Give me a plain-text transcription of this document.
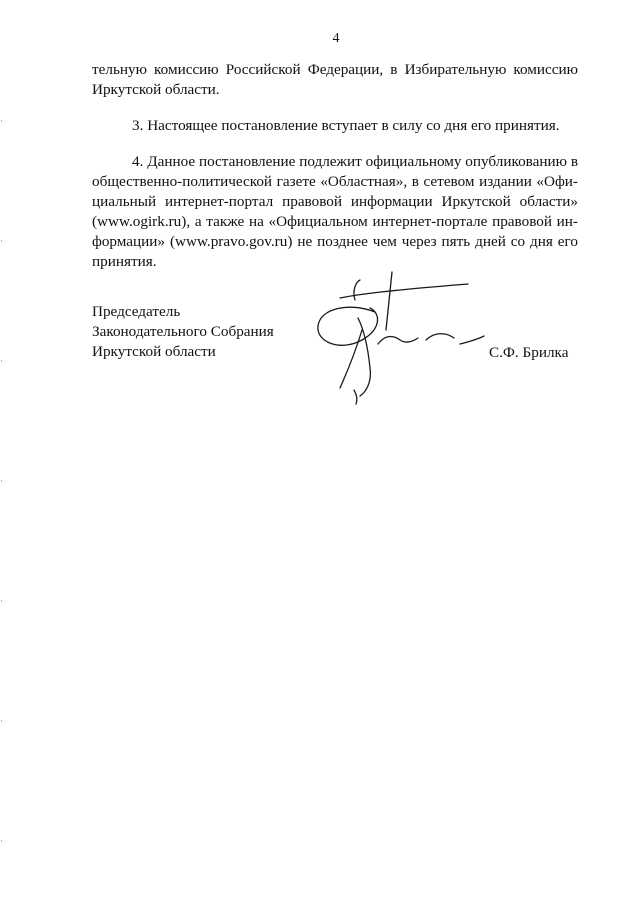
4
тельную комиссию Российской Федерации, в Избирательную комиссию
Иркутской области.
3. Настоящее постановление вступает в силу со дня его принятия.
4. Данное постановление подлежит официальному опубликованию в
общественно-политической газете «Областная», в сетевом издании «Офи-
циальный интернет-портал правовой информации Иркутской области»
(www.ogirk.ru), а также на «Официальном интернет-портале правовой ин-
формации» (www.pravo.gov.ru) не позднее чем через пять дней со дня его
принятия.
Председатель
Законодательного Собрания
Иркутской области	С.Ф. Брилка
